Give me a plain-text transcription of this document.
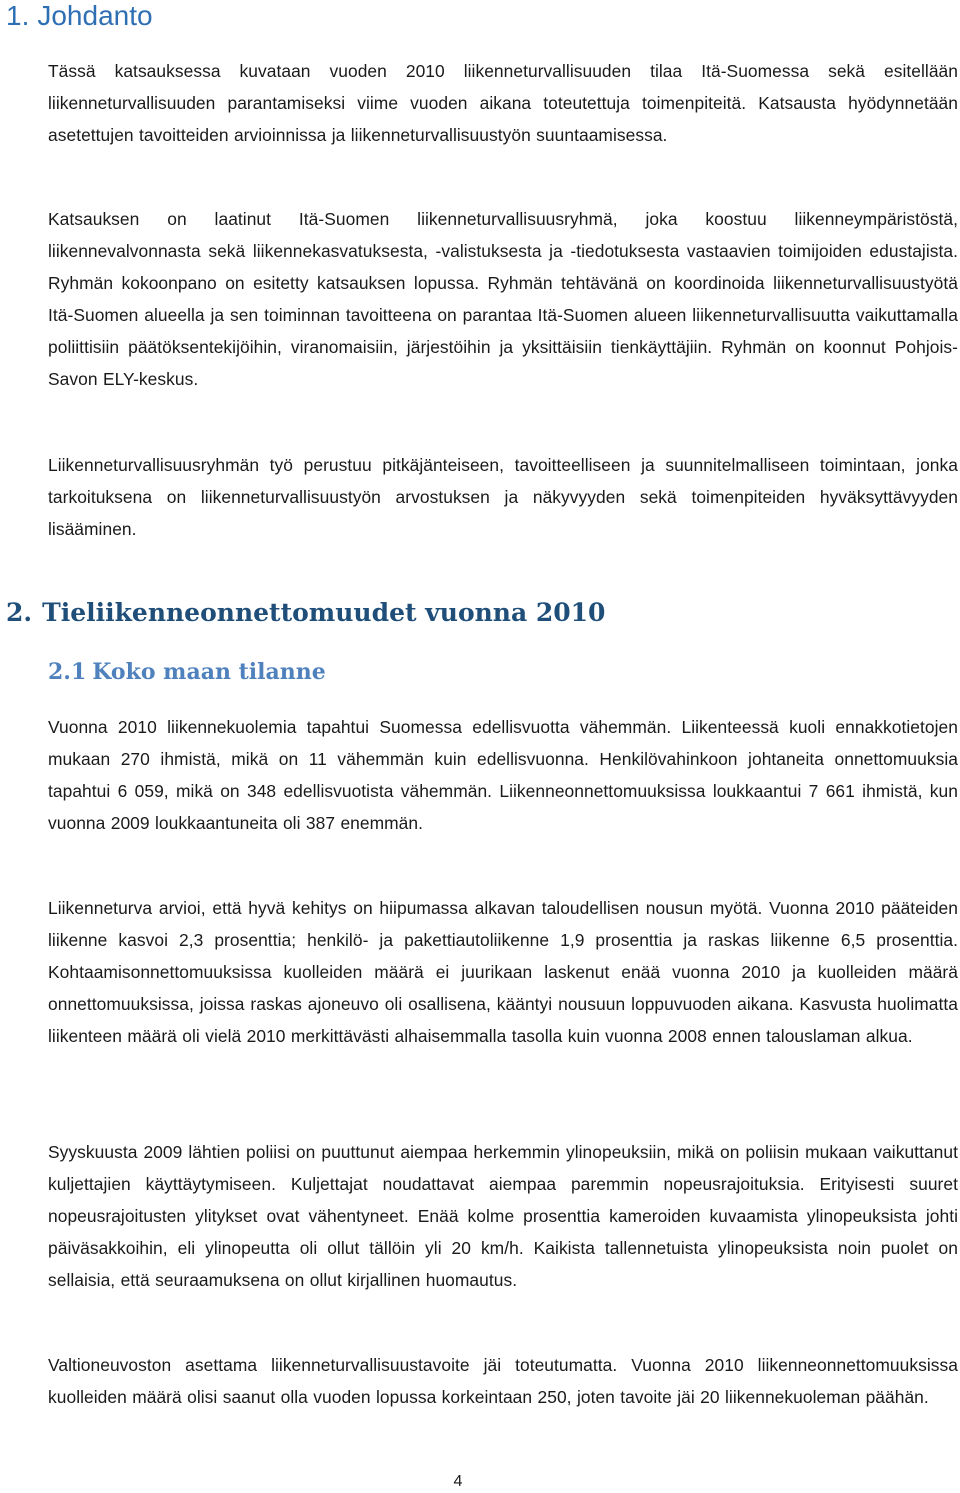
1. Johdanto

Tässä katsauksessa kuvataan vuoden 2010 liikenneturvallisuuden tilaa Itä-Suomessa sekä esitellään liikenneturvallisuuden parantamiseksi viime vuoden aikana toteutettuja toimenpiteitä. Katsausta hyödynnetään asetettujen tavoitteiden arvioinnissa ja liikenneturvallisuustyön suuntaamisessa.

Katsauksen on laatinut Itä-Suomen liikenneturvallisuusryhmä, joka koostuu liikenneympäristöstä, liikennevalvonnasta sekä liikennekasvatuksesta, -valistuksesta ja -tiedotuksesta vastaavien toimijoiden edustajista. Ryhmän kokoonpano on esitetty katsauksen lopussa. Ryhmän tehtävänä on koordinoida liikenneturvallisuustyötä Itä-Suomen alueella ja sen toiminnan tavoitteena on parantaa Itä-Suomen alueen liikenneturvallisuutta vaikuttamalla poliittisiin päätöksentekijöihin, viranomaisiin, järjestöihin ja yksittäisiin tienkäyttäjiin. Ryhmän on koonnut Pohjois-Savon ELY-keskus.

Liikenneturvallisuusryhmän työ perustuu pitkäjänteiseen, tavoitteelliseen ja suunnitelmalliseen toimintaan, jonka tarkoituksena on liikenneturvallisuustyön arvostuksen ja näkyvyyden sekä toimenpiteiden hyväksyttävyyden lisääminen.

2. Tieliikenneonnettomuudet vuonna 2010
2.1 Koko maan tilanne

Vuonna 2010 liikennekuolemia tapahtui Suomessa edellisvuotta vähemmän. Liikenteessä kuoli ennakkotietojen mukaan 270 ihmistä, mikä on 11 vähemmän kuin edellisvuonna. Henkilövahinkoon johtaneita onnettomuuksia tapahtui 6 059, mikä on 348 edellisvuotista vähemmän. Liikenneonnettomuuksissa loukkaantui 7 661 ihmistä, kun vuonna 2009 loukkaantuneita oli 387 enemmän.

Liikenneturva arvioi, että hyvä kehitys on hiipumassa alkavan taloudellisen nousun myötä. Vuonna 2010 pääteiden liikenne kasvoi 2,3 prosenttia; henkilö- ja pakettiautoliikenne 1,9 prosenttia ja raskas liikenne 6,5 prosenttia. Kohtaamisonnettomuuksissa kuolleiden määrä ei juurikaan laskenut enää vuonna 2010 ja kuolleiden määrä onnettomuuksissa, joissa raskas ajoneuvo oli osallisena, kääntyi nousuun loppuvuoden aikana. Kasvusta huolimatta liikenteen määrä oli vielä 2010 merkittävästi alhaisemmalla tasolla kuin vuonna 2008 ennen talouslaman alkua.

Syyskuusta 2009 lähtien poliisi on puuttunut aiempaa herkemmin ylinopeuksiin, mikä on poliisin mukaan vaikuttanut kuljettajien käyttäytymiseen. Kuljettajat noudattavat aiempaa paremmin nopeusrajoituksia. Erityisesti suuret nopeusrajoitusten ylitykset ovat vähentyneet. Enää kolme prosenttia kameroiden kuvaamista ylinopeuksista johti päiväsakkoihin, eli ylinopeutta oli ollut tällöin yli 20 km/h. Kaikista tallennetuista ylinopeuksista noin puolet on sellaisia, että seuraamuksena on ollut kirjallinen huomautus.

Valtioneuvoston asettama liikenneturvallisuustavoite jäi toteutumatta. Vuonna 2010 liikenneonnettomuuksissa kuolleiden määrä olisi saanut olla vuoden lopussa korkeintaan 250, joten tavoite jäi 20 liikennekuoleman päähän.

4
